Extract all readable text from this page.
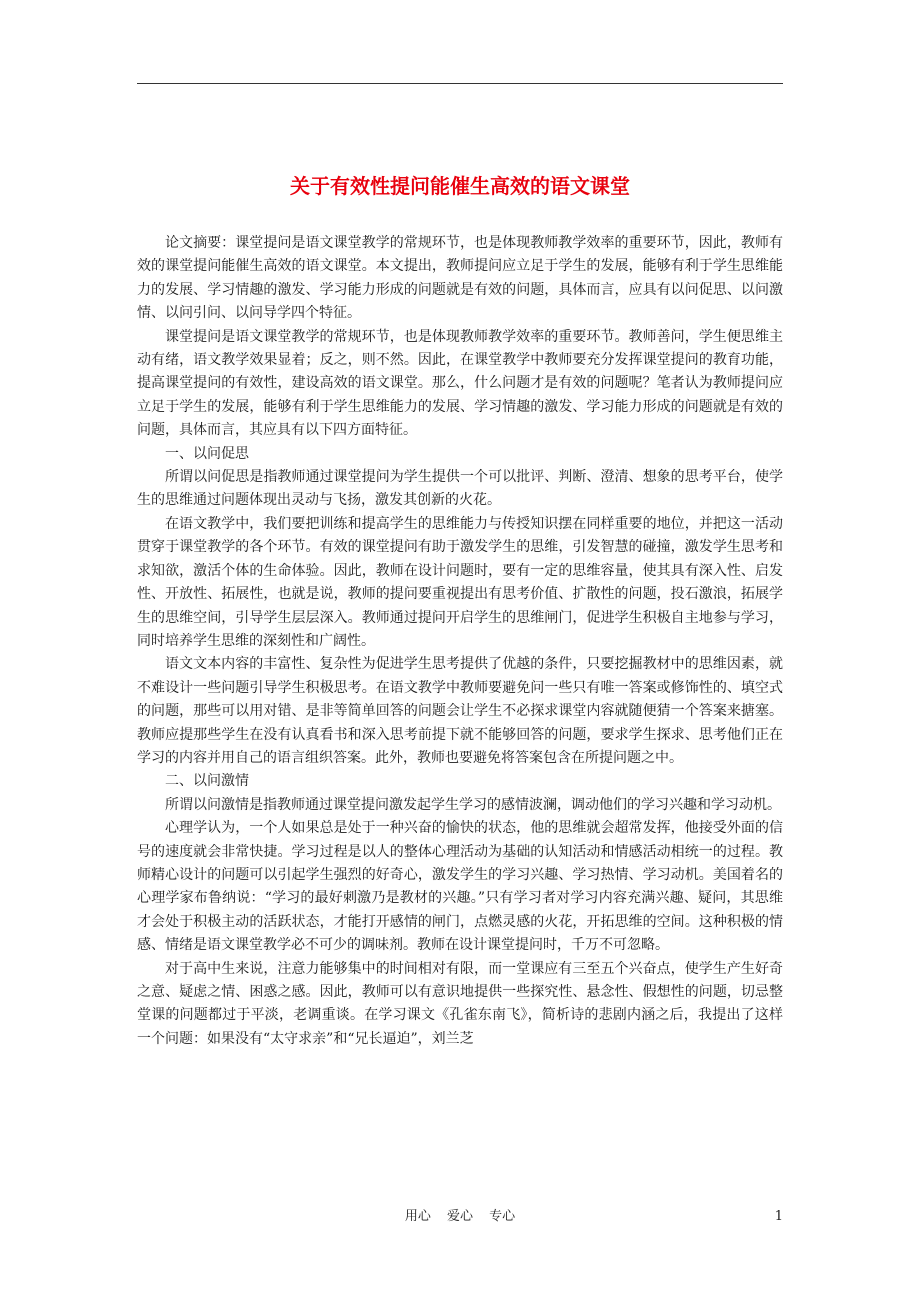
关于有效性提问能催生高效的语文课堂

论文摘要：课堂提问是语文课堂教学的常规环节，也是体现教师教学效率的重要环节，因此，教师有效的课堂提问能催生高效的语文课堂。本文提出，教师提问应立足于学生的发展，能够有利于学生思维能力的发展、学习情趣的激发、学习能力形成的问题就是有效的问题，具体而言，应具有以问促思、以问激情、以问引问、以问导学四个特征。

课堂提问是语文课堂教学的常规环节，也是体现教师教学效率的重要环节。教师善问，学生便思维主动有绪，语文教学效果显着；反之，则不然。因此，在课堂教学中教师要充分发挥课堂提问的教育功能，提高课堂提问的有效性，建设高效的语文课堂。那么，什么问题才是有效的问题呢？笔者认为教师提问应立足于学生的发展，能够有利于学生思维能力的发展、学习情趣的激发、学习能力形成的问题就是有效的问题，具体而言，其应具有以下四方面特征。

一、以问促思

所谓以问促思是指教师通过课堂提问为学生提供一个可以批评、判断、澄清、想象的思考平台，使学生的思维通过问题体现出灵动与飞扬，激发其创新的火花。

在语文教学中，我们要把训练和提高学生的思维能力与传授知识摆在同样重要的地位，并把这一活动贯穿于课堂教学的各个环节。有效的课堂提问有助于激发学生的思维，引发智慧的碰撞，激发学生思考和求知欲，激活个体的生命体验。因此，教师在设计问题时，要有一定的思维容量，使其具有深入性、启发性、开放性、拓展性，也就是说，教师的提问要重视提出有思考价值、扩散性的问题，投石激浪，拓展学生的思维空间，引导学生层层深入。教师通过提问开启学生的思维闸门，促进学生积极自主地参与学习，同时培养学生思维的深刻性和广阔性。

语文文本内容的丰富性、复杂性为促进学生思考提供了优越的条件，只要挖掘教材中的思维因素，就不难设计一些问题引导学生积极思考。在语文教学中教师要避免问一些只有唯一答案或修饰性的、填空式的问题，那些可以用对错、是非等简单回答的问题会让学生不必探求课堂内容就随便猜一个答案来搪塞。教师应提那些学生在没有认真看书和深入思考前提下就不能够回答的问题，要求学生探求、思考他们正在学习的内容并用自己的语言组织答案。此外，教师也要避免将答案包含在所提问题之中。

二、以问激情

所谓以问激情是指教师通过课堂提问激发起学生学习的感情波澜，调动他们的学习兴趣和学习动机。

心理学认为，一个人如果总是处于一种兴奋的愉快的状态，他的思维就会超常发挥，他接受外面的信号的速度就会非常快捷。学习过程是以人的整体心理活动为基础的认知活动和情感活动相统一的过程。教师精心设计的问题可以引起学生强烈的好奇心，激发学生的学习兴趣、学习热情、学习动机。美国着名的心理学家布鲁纳说：“学习的最好刺激乃是教材的兴趣。”只有学习者对学习内容充满兴趣、疑问，其思维才会处于积极主动的活跃状态，才能打开感情的闸门，点燃灵感的火花，开拓思维的空间。这种积极的情感、情绪是语文课堂教学必不可少的调味剂。教师在设计课堂提问时，千万不可忽略。

对于高中生来说，注意力能够集中的时间相对有限，而一堂课应有三至五个兴奋点，使学生产生好奇之意、疑虑之情、困惑之感。因此，教师可以有意识地提供一些探究性、悬念性、假想性的问题，切忌整堂课的问题都过于平淡，老调重谈。在学习课文《孔雀东南飞》，简析诗的悲剧内涵之后，我提出了这样一个问题：如果没有“太守求亲”和“兄长逼迫”，刘兰芝

用心 爱心 专心	1
